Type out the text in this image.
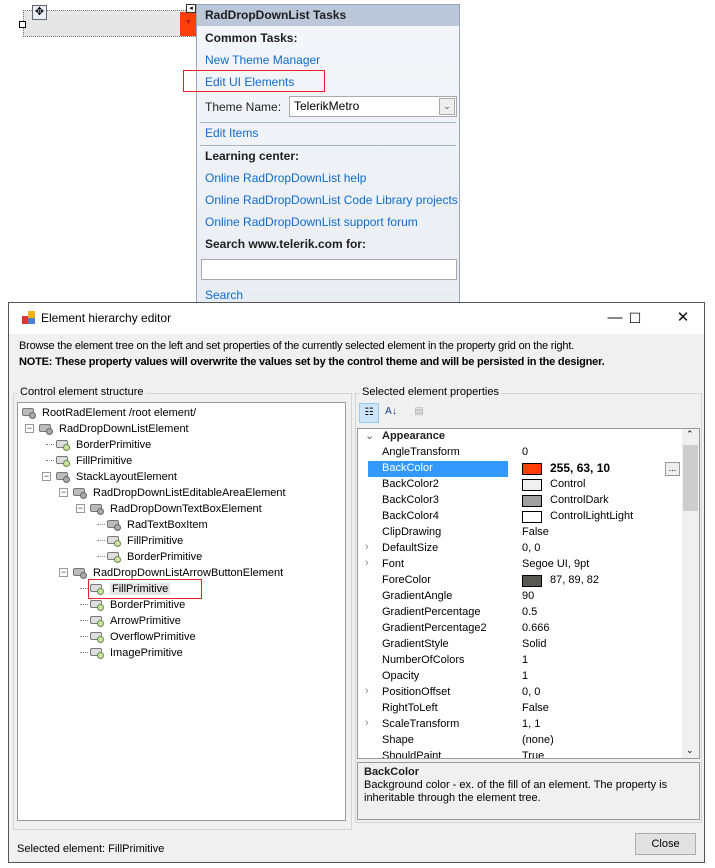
✥
▼
◂	RadDropDownList Tasks
Common Tasks:
New Theme Manager
Edit UI Elements
Theme Name:	TelerikMetro	⌄
Edit Items
Learning center:
Online RadDropDownList help
Online RadDropDownList Code Library projects
Online RadDropDownList support forum
Search www.telerik.com for:
Search
Element hierarchy editor	— ☐	✕
Browse the element tree on the left and set properties of the currently selected element in the property grid on the right.
NOTE: These property values will overwrite the values set by the control theme and will be persisted in the designer.
Control element structure
RootRadElement /root element/
− RadDropDownListElement
BorderPrimitive
FillPrimitive
− StackLayoutElement
− RadDropDownListEditableAreaElement
− RadDropDownTextBoxElement
RadTextBoxItem
FillPrimitive
BorderPrimitive
− RadDropDownListArrowButtonElement
FillPrimitive
BorderPrimitive
ArrowPrimitive
OverflowPrimitive
ImagePrimitive
Selected element properties
☷	A↓	▤
⌄ Appearance
AngleTransform	0
BackColor	255, 63, 10	...
BackColor2	Control
BackColor3	ControlDark
BackColor4	ControlLightLight
ClipDrawing	False
› DefaultSize	0, 0
› Font	Segoe UI, 9pt
ForeColor	87, 89, 82
GradientAngle	90
GradientPercentage	0.5
GradientPercentage2	0.666
GradientStyle	Solid
NumberOfColors	1
Opacity	1
› PositionOffset	0, 0
RightToLeft	False
› ScaleTransform	1, 1
Shape	(none)
ShouldPaint	True
⌃
⌄
BackColor
Background color - ex. of the fill of an element. The property is inheritable through the element tree.
Selected element: FillPrimitive	Close
